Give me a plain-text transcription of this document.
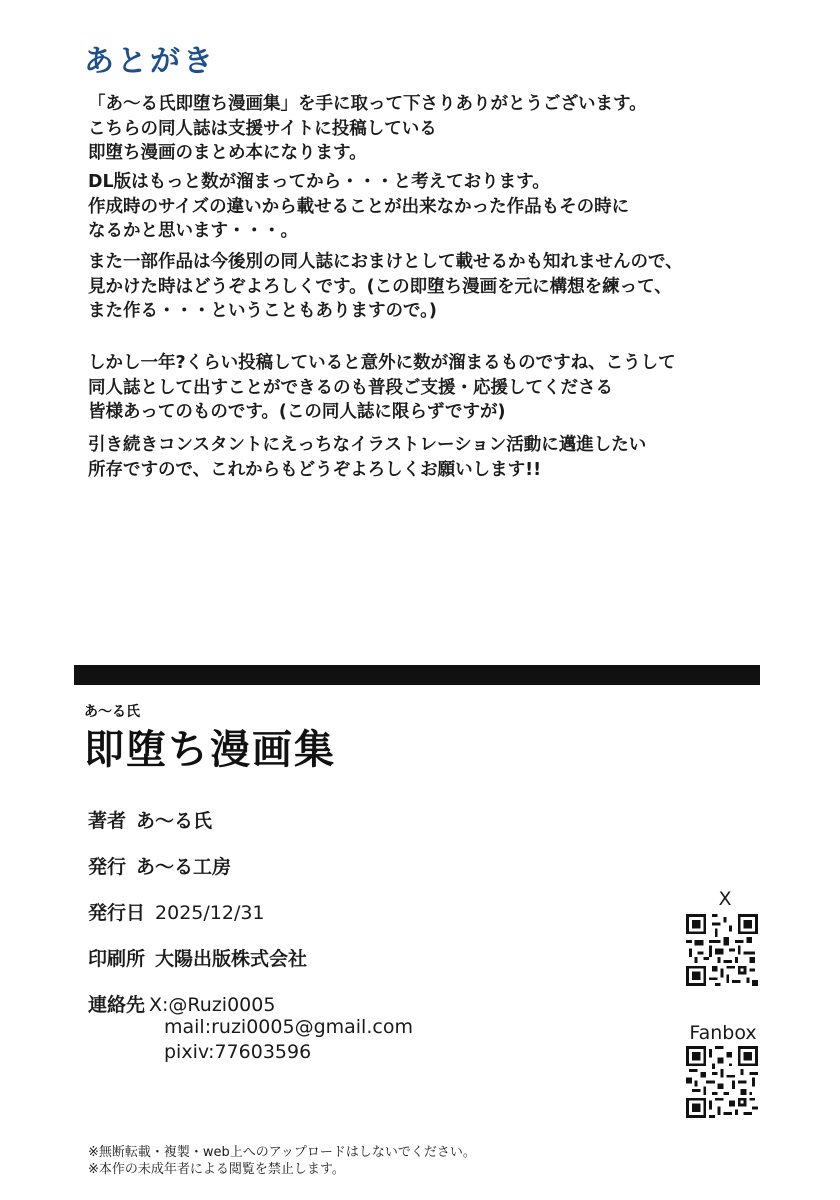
あとがき
「あ～る氏即堕ち漫画集」を手に取って下さりありがとうございます。
こちらの同人誌は支援サイトに投稿している
即堕ち漫画のまとめ本になります。
DL版はもっと数が溜まってから・・・と考えております。
作成時のサイズの違いから載せることが出来なかった作品もその時に
なるかと思います・・・。
また一部作品は今後別の同人誌におまけとして載せるかも知れませんので、
見かけた時はどうぞよろしくです。(この即堕ち漫画を元に構想を練って、
また作る・・・ということもありますので。)
しかし一年?くらい投稿していると意外に数が溜まるものですね、こうして
同人誌として出すことができるのも普段ご支援・応援してくださる
皆様あってのものです。(この同人誌に限らずですが)
引き続きコンスタントにえっちなイラストレーション活動に邁進したい
所存ですので、これからもどうぞよろしくお願いします!!
あ～る氏
即堕ち漫画集
著者 あ～る氏
発行 あ～る工房
発行日 2025/12/31
印刷所 大陽出版株式会社
連絡先 X:@Ruzi0005
mail:ruzi0005@gmail.com
pixiv:77603596
※無断転載・複製・web上へのアップロードはしないでください。
※本作の未成年者による閲覧を禁止します。
X
Fanbox
